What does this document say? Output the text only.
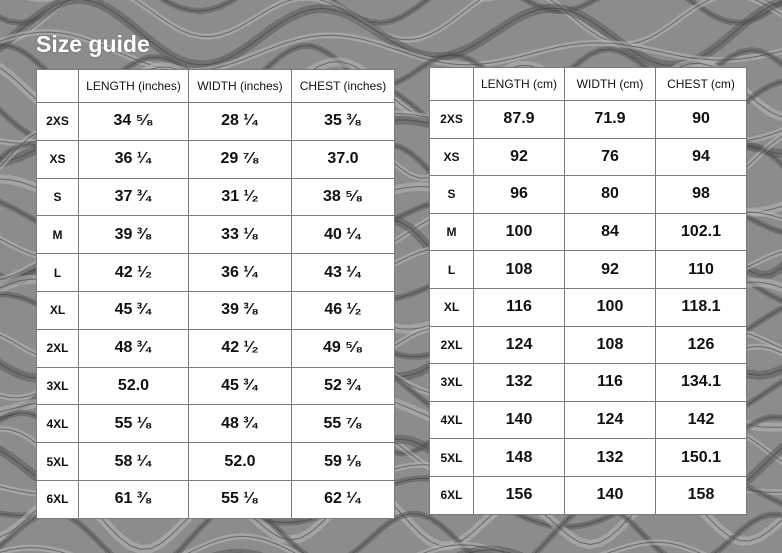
Size guide
	LENGTH (inches)	WIDTH (inches)	CHEST (inches)
2XS	34 ⁵⁄₈	28 ¹⁄₄	35 ³⁄₈
XS	36 ¹⁄₄	29 ⁷⁄₈	37.0
S	37 ³⁄₄	31 ¹⁄₂	38 ⁵⁄₈
M	39 ³⁄₈	33 ¹⁄₈	40 ¹⁄₄
L	42 ¹⁄₂	36 ¹⁄₄	43 ¹⁄₄
XL	45 ³⁄₄	39 ³⁄₈	46 ¹⁄₂
2XL	48 ³⁄₄	42 ¹⁄₂	49 ⁵⁄₈
3XL	52.0	45 ³⁄₄	52 ³⁄₄
4XL	55 ¹⁄₈	48 ³⁄₄	55 ⁷⁄₈
5XL	58 ¹⁄₄	52.0	59 ¹⁄₈
6XL	61 ³⁄₈	55 ¹⁄₈	62 ¹⁄₄
	LENGTH (cm)	WIDTH (cm)	CHEST (cm)
2XS	87.9	71.9	90
XS	92	76	94
S	96	80	98
M	100	84	102.1
L	108	92	110
XL	116	100	118.1
2XL	124	108	126
3XL	132	116	134.1
4XL	140	124	142
5XL	148	132	150.1
6XL	156	140	158
